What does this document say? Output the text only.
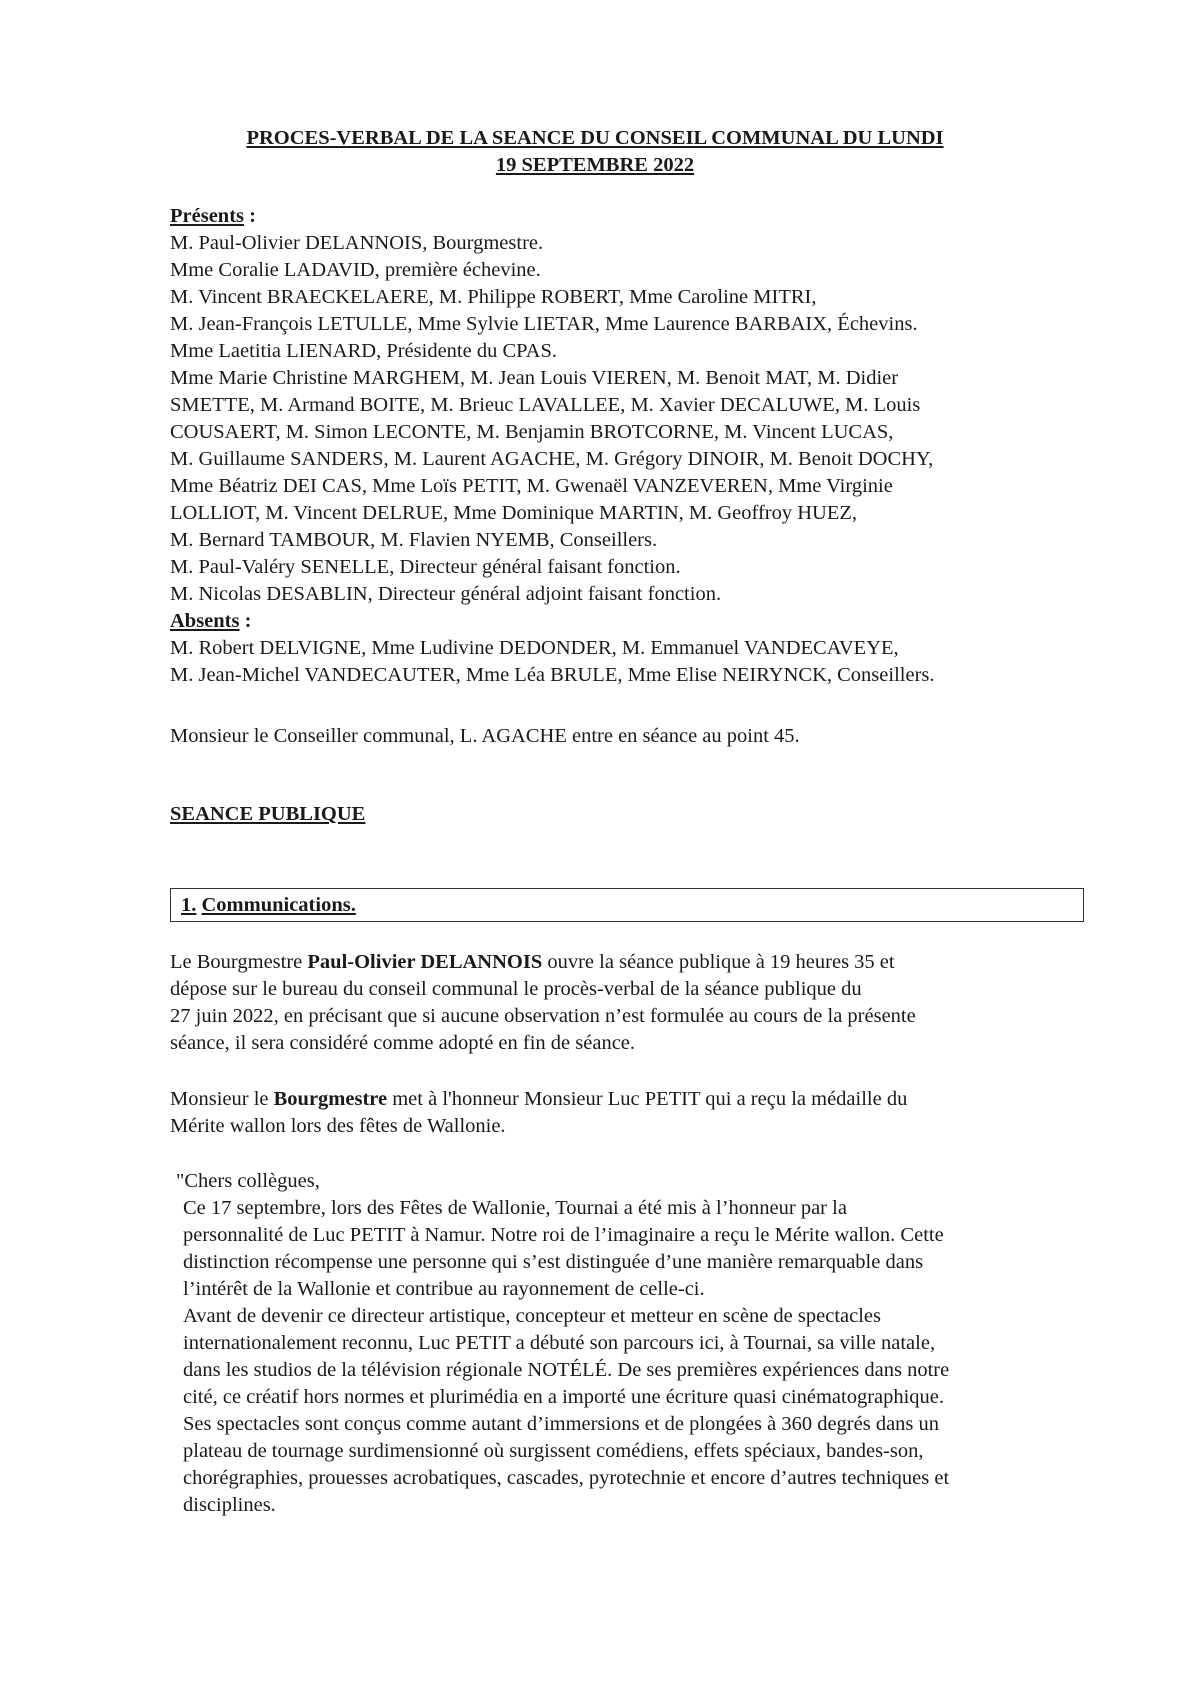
PROCES-VERBAL DE LA SEANCE DU CONSEIL COMMUNAL DU LUNDI
19 SEPTEMBRE 2022
Présents :
M. Paul-Olivier DELANNOIS, Bourgmestre.
Mme Coralie LADAVID, première échevine.
M. Vincent BRAECKELAERE, M. Philippe ROBERT, Mme Caroline MITRI,
M. Jean-François LETULLE, Mme Sylvie LIETAR, Mme Laurence BARBAIX, Échevins.
Mme Laetitia LIENARD, Présidente du CPAS.
Mme Marie Christine MARGHEM, M. Jean Louis VIEREN, M. Benoit MAT, M. Didier
SMETTE, M. Armand BOITE, M. Brieuc LAVALLEE, M. Xavier DECALUWE, M. Louis
COUSAERT, M. Simon LECONTE, M. Benjamin BROTCORNE, M. Vincent LUCAS,
M. Guillaume SANDERS, M. Laurent AGACHE, M. Grégory DINOIR, M. Benoit DOCHY,
Mme Béatriz DEI CAS, Mme Loïs PETIT, M. Gwenaël VANZEVEREN, Mme Virginie
LOLLIOT, M. Vincent DELRUE, Mme Dominique MARTIN, M. Geoffroy HUEZ,
M. Bernard TAMBOUR, M. Flavien NYEMB, Conseillers.
M. Paul-Valéry SENELLE, Directeur général faisant fonction.
M. Nicolas DESABLIN, Directeur général adjoint faisant fonction.
Absents :
M. Robert DELVIGNE, Mme Ludivine DEDONDER, M. Emmanuel VANDECAVEYE,
M. Jean-Michel VANDECAUTER, Mme Léa BRULE, Mme Elise NEIRYNCK, Conseillers.
Monsieur le Conseiller communal, L. AGACHE entre en séance au point 45.
SEANCE PUBLIQUE
1. Communications.
Le Bourgmestre Paul-Olivier DELANNOIS ouvre la séance publique à 19 heures 35 et
dépose sur le bureau du conseil communal le procès-verbal de la séance publique du
27 juin 2022, en précisant que si aucune observation n’est formulée au cours de la présente
séance, il sera considéré comme adopté en fin de séance.
Monsieur le Bourgmestre met à l'honneur Monsieur Luc PETIT qui a reçu la médaille du
Mérite wallon lors des fêtes de Wallonie.
"Chers collègues,
Ce 17 septembre, lors des Fêtes de Wallonie, Tournai a été mis à l’honneur par la
personnalité de Luc PETIT à Namur. Notre roi de l’imaginaire a reçu le Mérite wallon. Cette
distinction récompense une personne qui s’est distinguée d’une manière remarquable dans
l’intérêt de la Wallonie et contribue au rayonnement de celle-ci.
Avant de devenir ce directeur artistique, concepteur et metteur en scène de spectacles
internationalement reconnu, Luc PETIT a débuté son parcours ici, à Tournai, sa ville natale,
dans les studios de la télévision régionale NOTÉLÉ. De ses premières expériences dans notre
cité, ce créatif hors normes et plurimédia en a importé une écriture quasi cinématographique.
Ses spectacles sont conçus comme autant d’immersions et de plongées à 360 degrés dans un
plateau de tournage surdimensionné où surgissent comédiens, effets spéciaux, bandes-son,
chorégraphies, prouesses acrobatiques, cascades, pyrotechnie et encore d’autres techniques et
disciplines.
